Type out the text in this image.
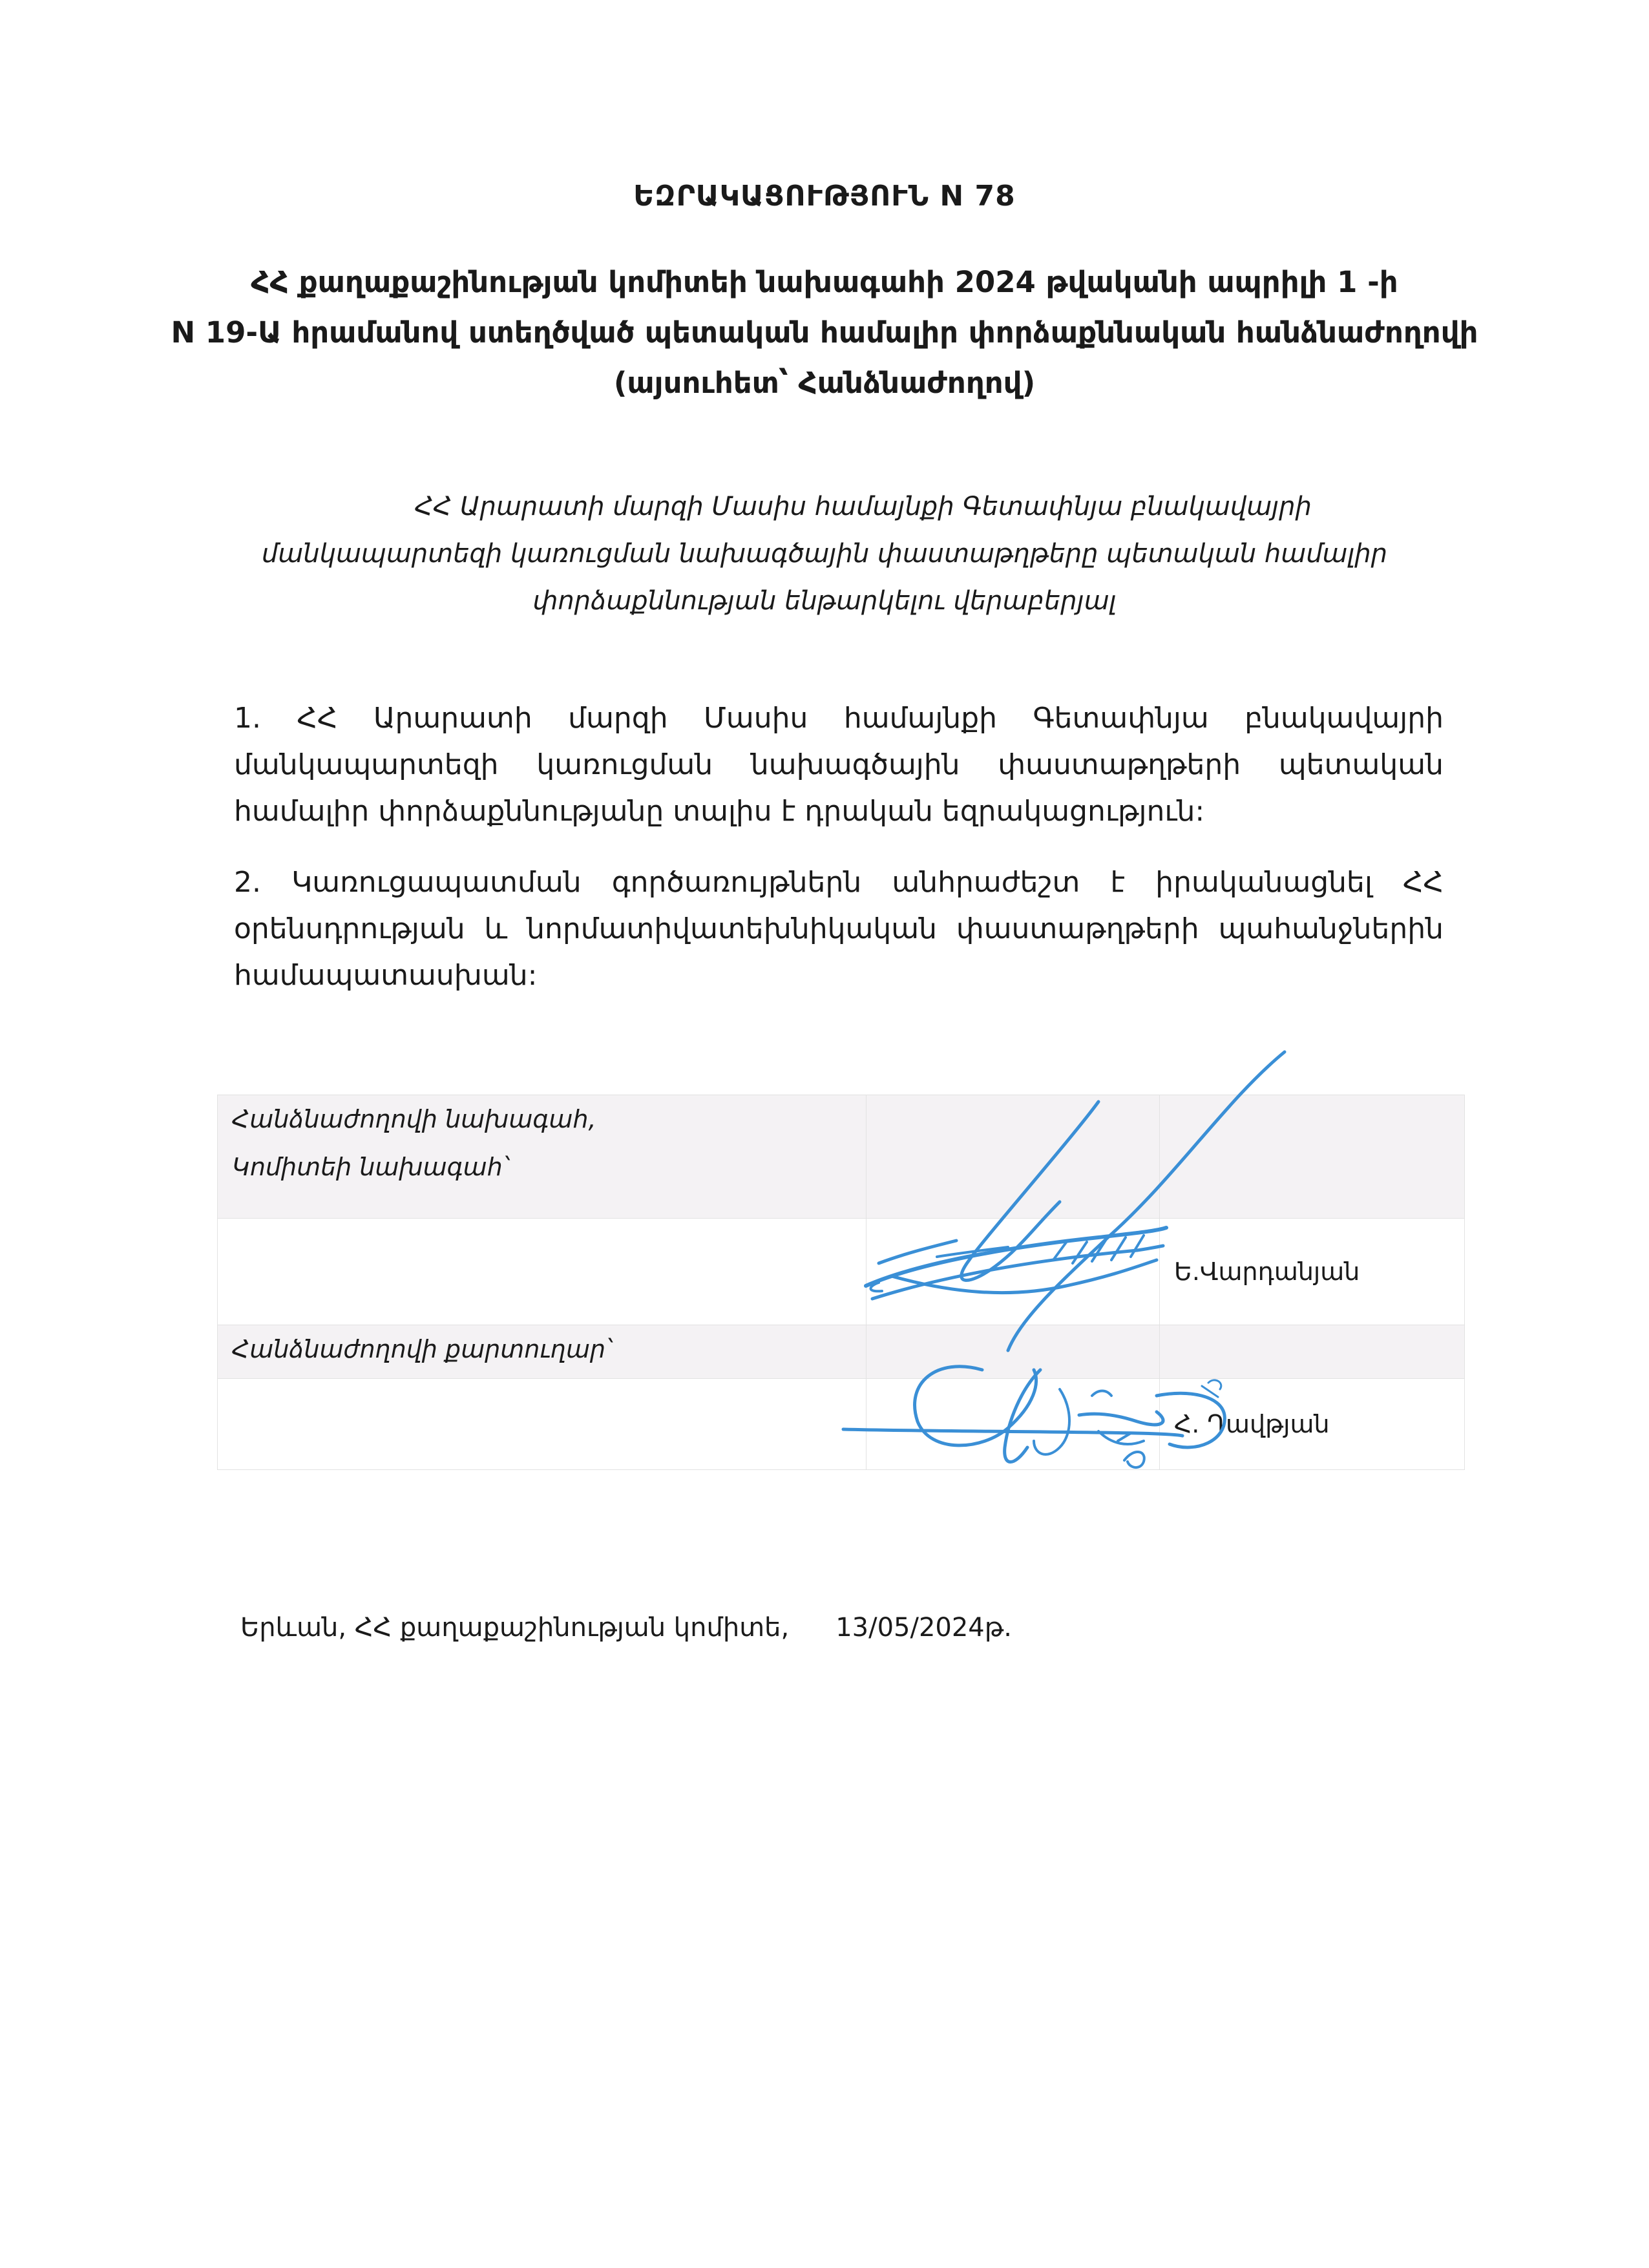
ԵԶՐԱԿԱՑՈՒԹՅՈՒՆ N 78
ՀՀ քաղաքաշինության կոմիտեի նախագահի 2024 թվականի ապրիլի 1 -ի
N 19-Ա հրամանով ստեղծված պետական համալիր փորձաքննական հանձնաժողովի
(այսուհետ՝ Հանձնաժողով)
ՀՀ Արարատի մարզի Մասիս համայնքի Գետափնյա բնակավայրի
մանկապարտեզի կառուցման նախագծային փաստաթղթերը պետական համալիր
փորձաքննության ենթարկելու վերաբերյալ
1. ՀՀ Արարատի մարզի Մասիս համայնքի Գետափնյա բնակավայրի մանկապարտեզի կառուցման նախագծային փաստաթղթերի պետական համալիր փորձաքննությանը տալիս է դրական եզրակացություն:
2. Կառուցապատման գործառույթներն անհրաժեշտ է իրականացնել ՀՀ օրենսդրության և նորմատիվատեխնիկական փաստաթղթերի պահանջներին համապատասխան:
Հանձնաժողովի նախագահ,
Կոմիտեի նախագահ՝		

		Ե.Վարդանյան
Հանձնաժողովի քարտուղար՝		
		Հ. Դավթյան
Երևան, ՀՀ քաղաքաշինության կոմիտե, 13/05/2024թ.
